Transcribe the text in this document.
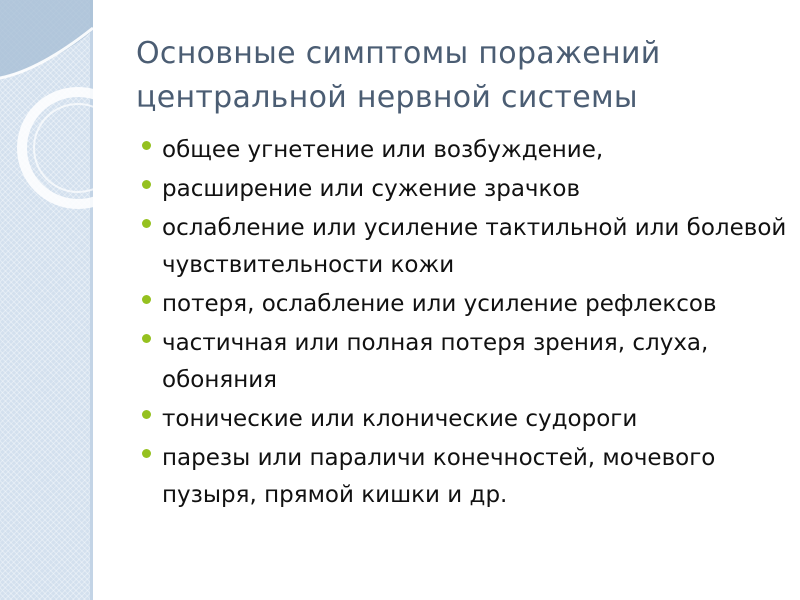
Основные симптомы поражений центральной нервной системы
общее угнетение или возбуждение,
расширение или сужение зрачков
ослабление или усиление тактильной или болевой чувствительности кожи
потеря, ослабление или усиление рефлексов
частичная или полная потеря зрения, слуха, обоняния
тонические или клонические судороги
парезы или параличи конечностей, мочевого пузыря, прямой кишки и др.
